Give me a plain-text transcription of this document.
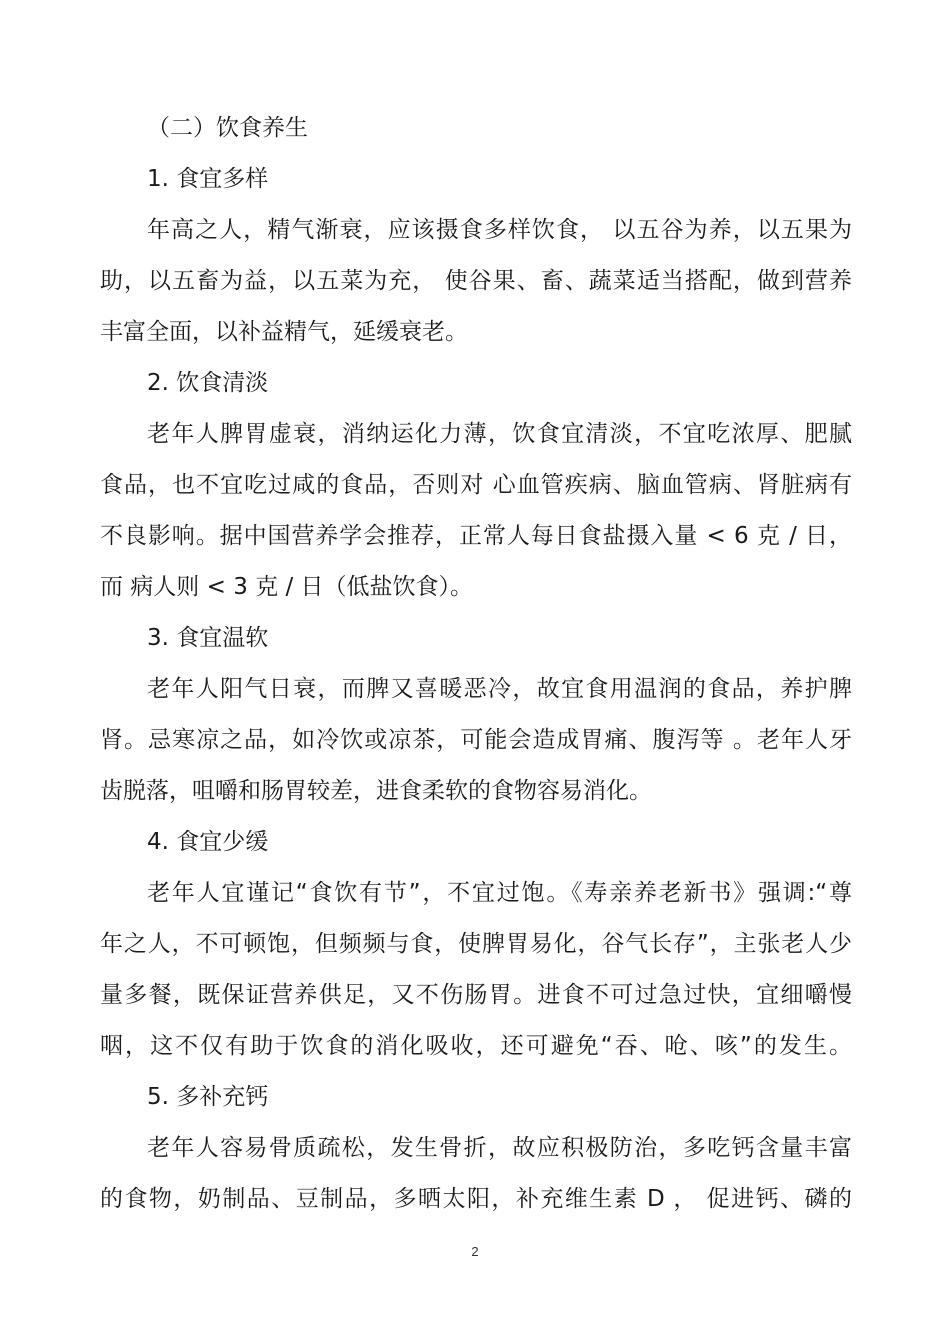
（二）饮食养生
1. 食宜多样
年高之人，精气渐衰，应该摄食多样饮食， 以五谷为养，以五果为
助，以五畜为益，以五菜为充， 使谷果、畜、蔬菜适当搭配，做到营养
丰富全面，以补益精气，延缓衰老。
2. 饮食清淡
老年人脾胃虚衰，消纳运化力薄，饮食宜清淡，不宜吃浓厚、肥腻
食品，也不宜吃过咸的食品，否则对 心血管疾病、脑血管病、肾脏病有
不良影响。据中国营养学会推荐，正常人每日食盐摄入量 < 6 克 / 日，
而 病人则 < 3 克 / 日（低盐饮食）。
3. 食宜温软
老年人阳气日衰，而脾又喜暖恶冷，故宜食用温润的食品，养护脾
肾。忌寒凉之品，如冷饮或凉茶，可能会造成胃痛、腹泻等 。老年人牙
齿脱落，咀嚼和肠胃较差，进食柔软的食物容易消化。
4. 食宜少缓
老年人宜谨记“食饮有节”，不宜过饱。《寿亲养老新书》强调:“尊
年之人，不可顿饱，但频频与食，使脾胃易化，谷气长存”，主张老人少
量多餐，既保证营养供足，又不伤肠胃。进食不可过急过快，宜细嚼慢
咽，这不仅有助于饮食的消化吸收，还可避免“吞、呛、咳”的发生。
5. 多补充钙
老年人容易骨质疏松，发生骨折，故应积极防治，多吃钙含量丰富
的食物，奶制品、豆制品，多晒太阳，补充维生素 D ， 促进钙、磷的
2
